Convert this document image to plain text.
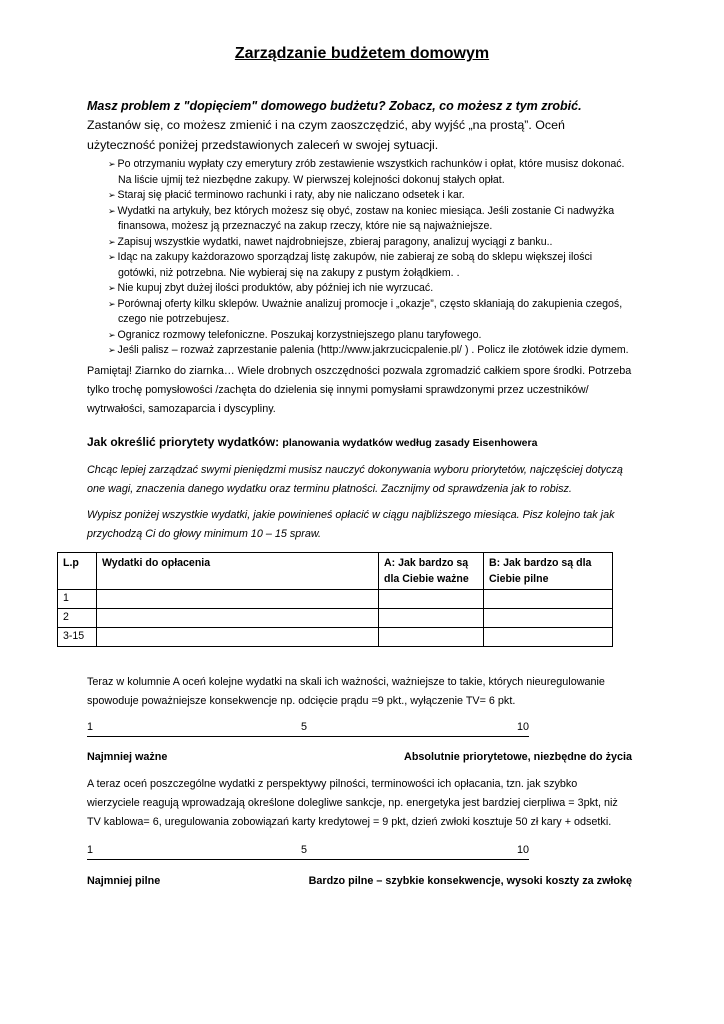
Zarządzanie budżetem domowym
Masz problem z "dopięciem" domowego budżetu? Zobacz, co możesz z tym zrobić.
Zastanów się, co możesz zmienić i na czym zaoszczędzić, aby wyjść „na prostą”. Oceń użyteczność poniżej przedstawionych zaleceń w swojej sytuacji.
➢ Po otrzymaniu wypłaty czy emerytury zrób zestawienie wszystkich rachunków i opłat, które musisz dokonać. Na liście ujmij też niezbędne zakupy. W pierwszej kolejności dokonuj stałych opłat.
➢ Staraj się płacić terminowo rachunki i raty, aby nie naliczano odsetek i kar.
➢ Wydatki na artykuły, bez których możesz się obyć, zostaw na koniec miesiąca. Jeśli zostanie Ci nadwyżka finansowa, możesz ją przeznaczyć na zakup rzeczy, które nie są najważniejsze.
➢ Zapisuj wszystkie wydatki, nawet najdrobniejsze, zbieraj paragony, analizuj wyciągi z banku..
➢ Idąc na zakupy każdorazowo sporządzaj listę zakupów, nie zabieraj ze sobą do sklepu większej ilości gotówki, niż potrzebna. Nie wybieraj się na zakupy z pustym żołądkiem. .
➢ Nie kupuj zbyt dużej ilości produktów, aby później ich nie wyrzucać.
➢ Porównaj oferty kilku sklepów. Uważnie analizuj promocje i „okazje”, często skłaniają do zakupienia czegoś, czego nie potrzebujesz.
➢ Ogranicz rozmowy telefoniczne. Poszukaj korzystniejszego planu taryfowego.
➢ Jeśli palisz – rozważ zaprzestanie palenia (http://www.jakrzucicpalenie.pl/ ) . Policz ile złotówek idzie dymem.
Pamiętaj! Ziarnko do ziarnka… Wiele drobnych oszczędności pozwala zgromadzić całkiem spore środki. Potrzeba tylko trochę pomysłowości /zachęta do dzielenia się innymi pomysłami sprawdzonymi przez uczestników/ wytrwałości, samozaparcia i dyscypliny.
Jak określić priorytety wydatków: planowania wydatków według zasady Eisenhowera
Chcąc lepiej zarządzać swymi pieniędzmi musisz nauczyć dokonywania wyboru priorytetów, najczęściej dotyczą one wagi, znaczenia danego wydatku oraz terminu płatności. Zacznijmy od sprawdzenia jak to robisz.
Wypisz poniżej wszystkie wydatki, jakie powinieneś opłacić w ciągu najbliższego miesiąca. Pisz kolejno tak jak przychodzą Ci do głowy minimum 10 – 15 spraw.
L.p	Wydatki do opłacenia	A: Jak bardzo są dla Ciebie ważne	B: Jak bardzo są dla Ciebie pilne
1			
2			
3-15			
Teraz w kolumnie A oceń kolejne wydatki na skali ich ważności, ważniejsze to takie, których nieuregulowanie spowoduje poważniejsze konsekwencje np. odcięcie prądu =9 pkt., wyłączenie TV= 6 pkt.
1	5	10
Najmniej ważne	Absolutnie priorytetowe, niezbędne do życia
A teraz oceń poszczególne wydatki z perspektywy pilności, terminowości ich opłacania, tzn. jak szybko wierzyciele reagują wprowadzają określone dolegliwe sankcje, np. energetyka jest bardziej cierpliwa = 3pkt, niż TV kablowa= 6, uregulowania zobowiązań karty kredytowej = 9 pkt, dzień zwłoki kosztuje 50 zł kary + odsetki.
1	5	10
Najmniej pilne	Bardzo pilne – szybkie konsekwencje, wysoki koszty za zwłokę
